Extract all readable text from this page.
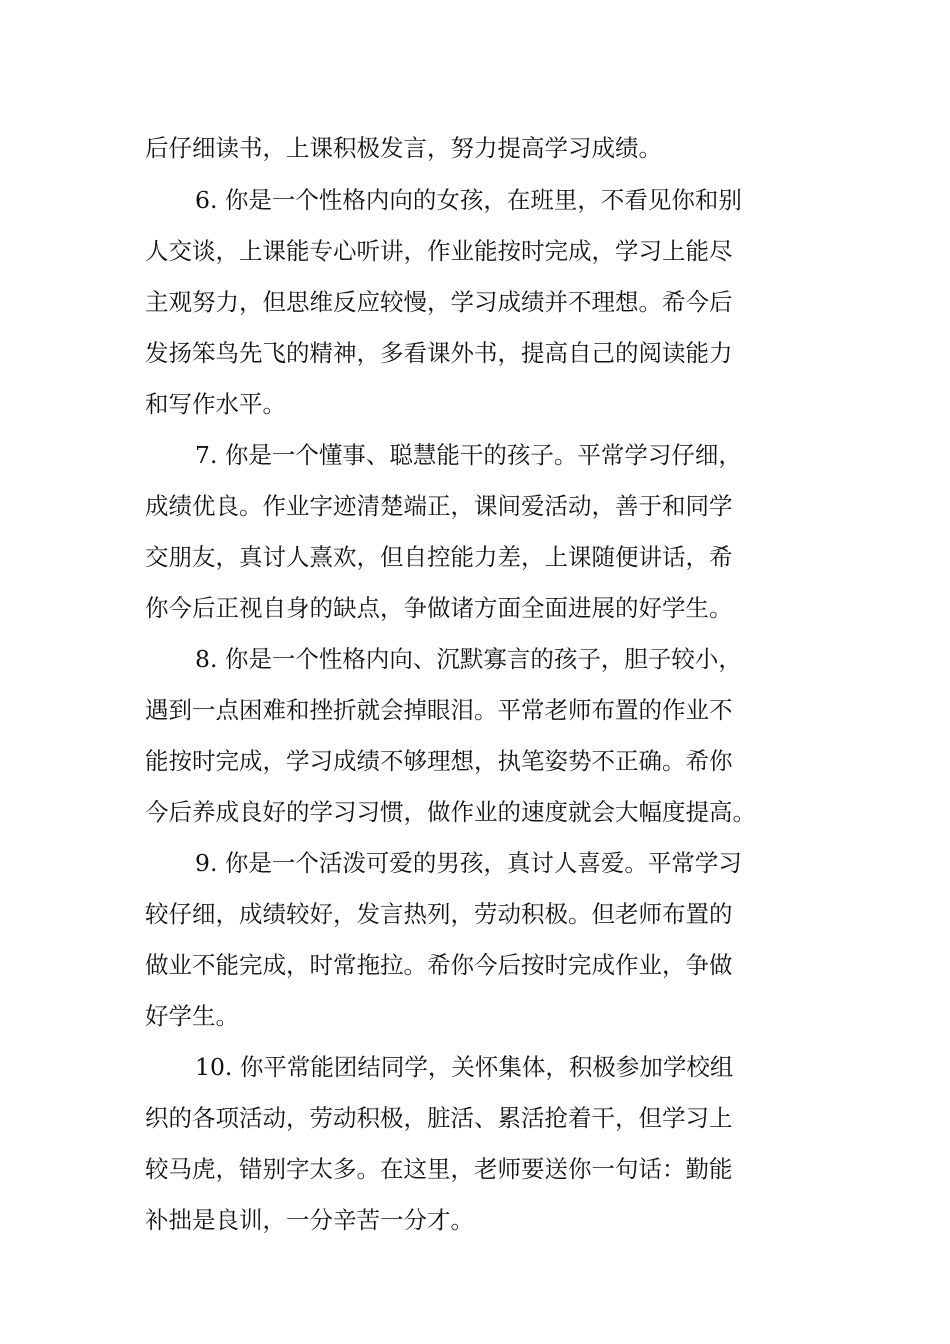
后仔细读书，上课积极发言，努力提高学习成绩。
6. 你是一个性格内向的女孩，在班里，不看见你和别
人交谈，上课能专心听讲，作业能按时完成，学习上能尽
主观努力，但思维反应较慢，学习成绩并不理想。希今后
发扬笨鸟先飞的精神，多看课外书，提高自己的阅读能力
和写作水平。
7. 你是一个懂事、聪慧能干的孩子。平常学习仔细，
成绩优良。作业字迹清楚端正，课间爱活动，善于和同学
交朋友，真讨人熹欢，但自控能力差，上课随便讲话，希
你今后正视自身的缺点，争做诸方面全面进展的好学生。
8. 你是一个性格内向、沉默寡言的孩子，胆子较小，
遇到一点困难和挫折就会掉眼泪。平常老师布置的作业不
能按时完成，学习成绩不够理想，执笔姿势不正确。希你
今后养成良好的学习习惯，做作业的速度就会大幅度提高。
9. 你是一个活泼可爱的男孩，真讨人喜爱。平常学习
较仔细，成绩较好，发言热列，劳动积极。但老师布置的
做业不能完成，时常拖拉。希你今后按时完成作业，争做
好学生。
10. 你平常能团结同学，关怀集体，积极参加学校组
织的各项活动，劳动积极，脏活、累活抢着干，但学习上
较马虎，错别字太多。在这里，老师要送你一句话：勤能
补拙是良训，一分辛苦一分才。
